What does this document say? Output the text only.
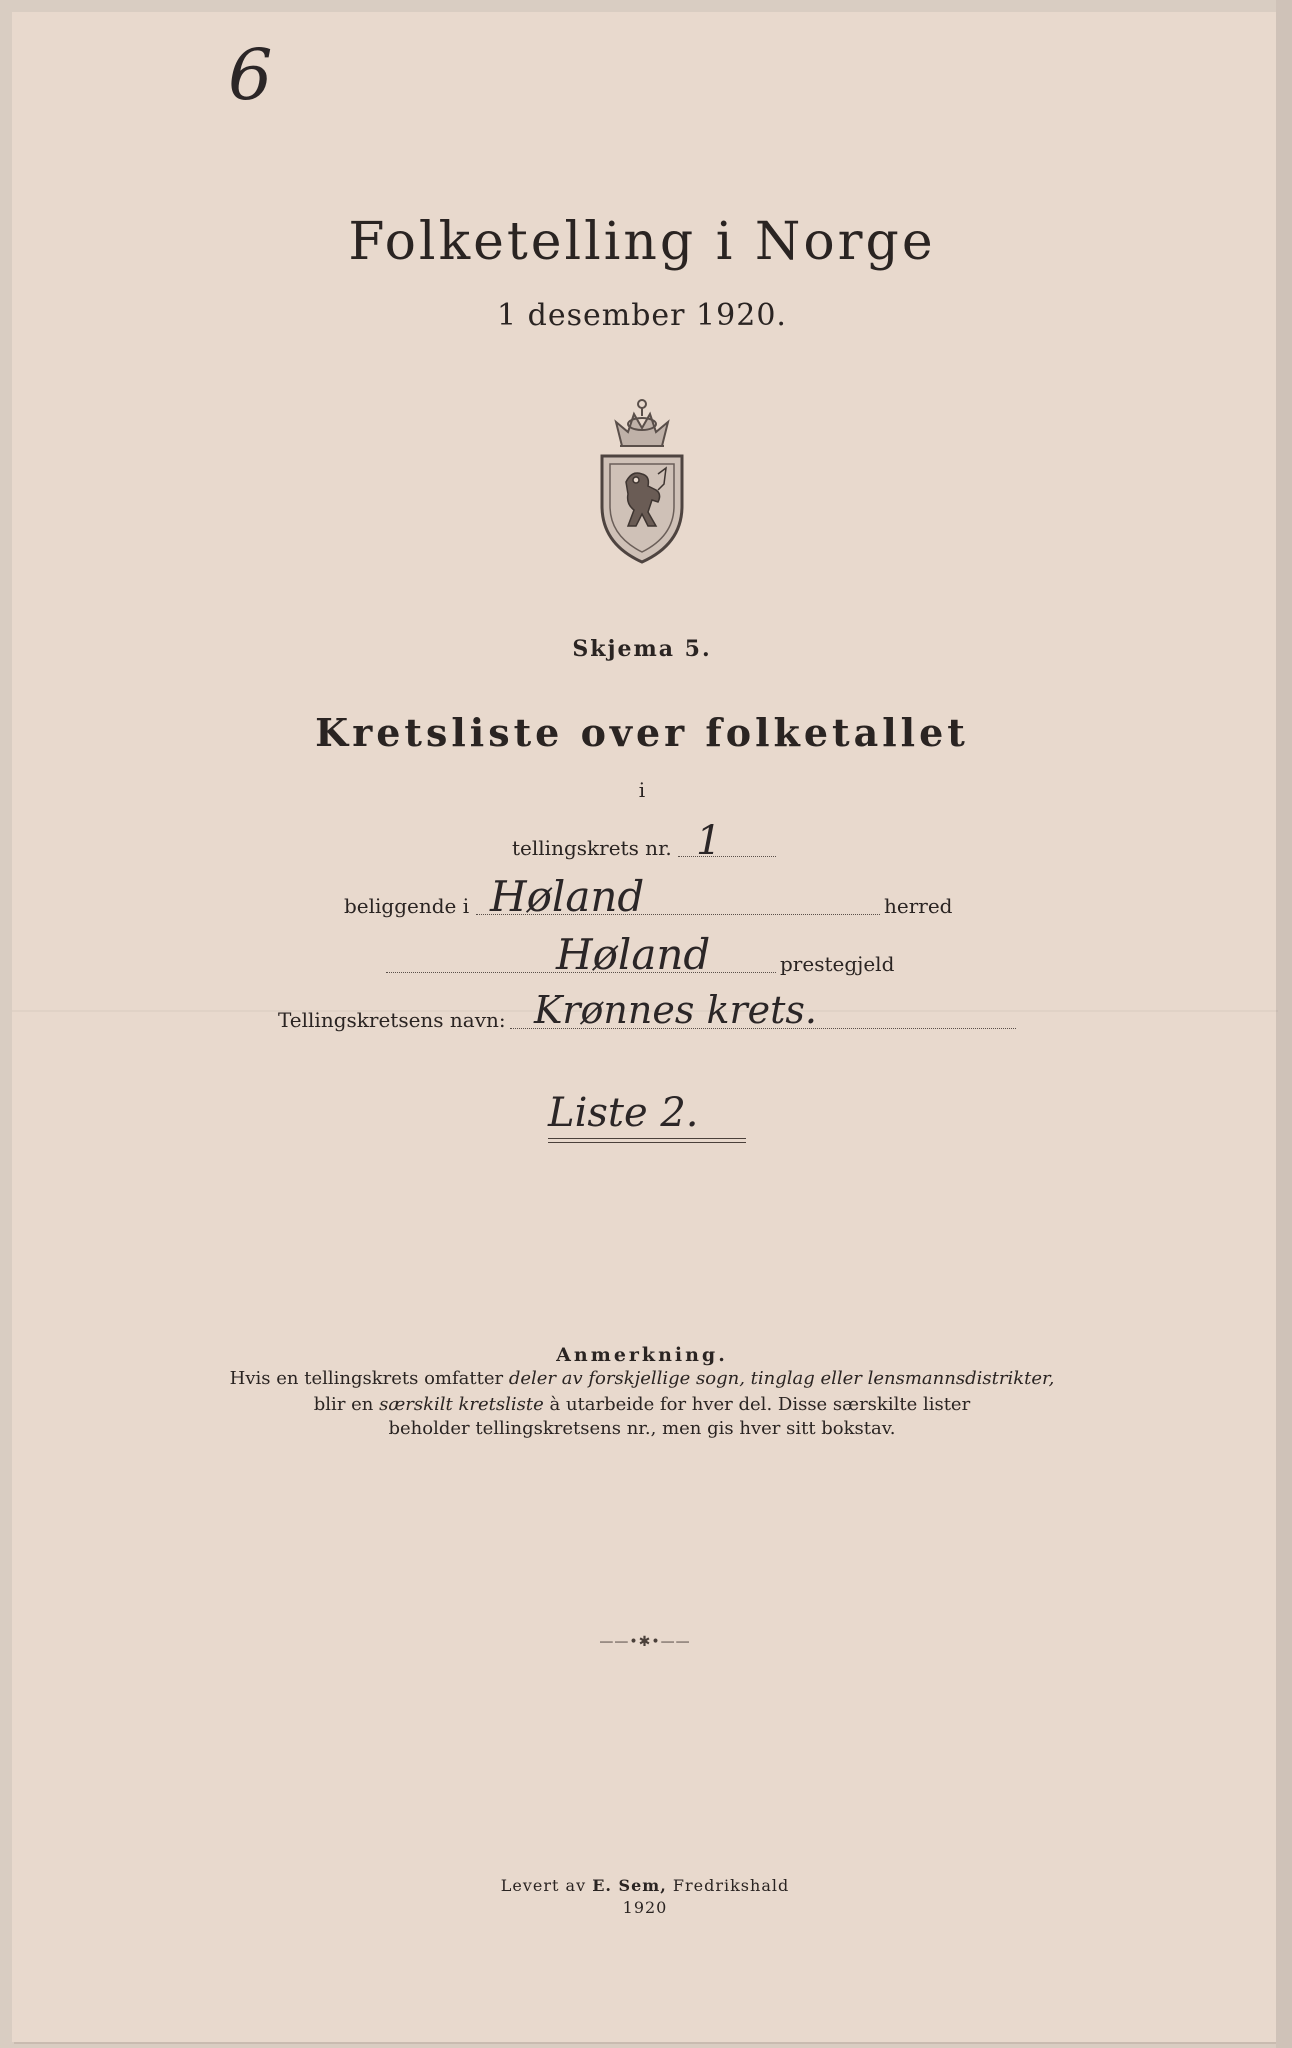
6
Folketelling i Norge
1 desember 1920.
Skjema 5.
Kretsliste over folketallet
i
tellingskrets nr. 1
beliggende i Høland	herred
Høland	prestegjeld
Tellingskretsens navn: Krønnes krets.
Liste 2.
Anmerkning.
Hvis en tellingskrets omfatter deler av forskjellige sogn, tinglag eller lensmannsdistrikter,
blir en særskilt kretsliste à utarbeide for hver del. Disse særskilte lister
beholder tellingskretsens nr., men gis hver sitt bokstav.
——•✱•——
Levert av E. Sem, Fredrikshald
1920
